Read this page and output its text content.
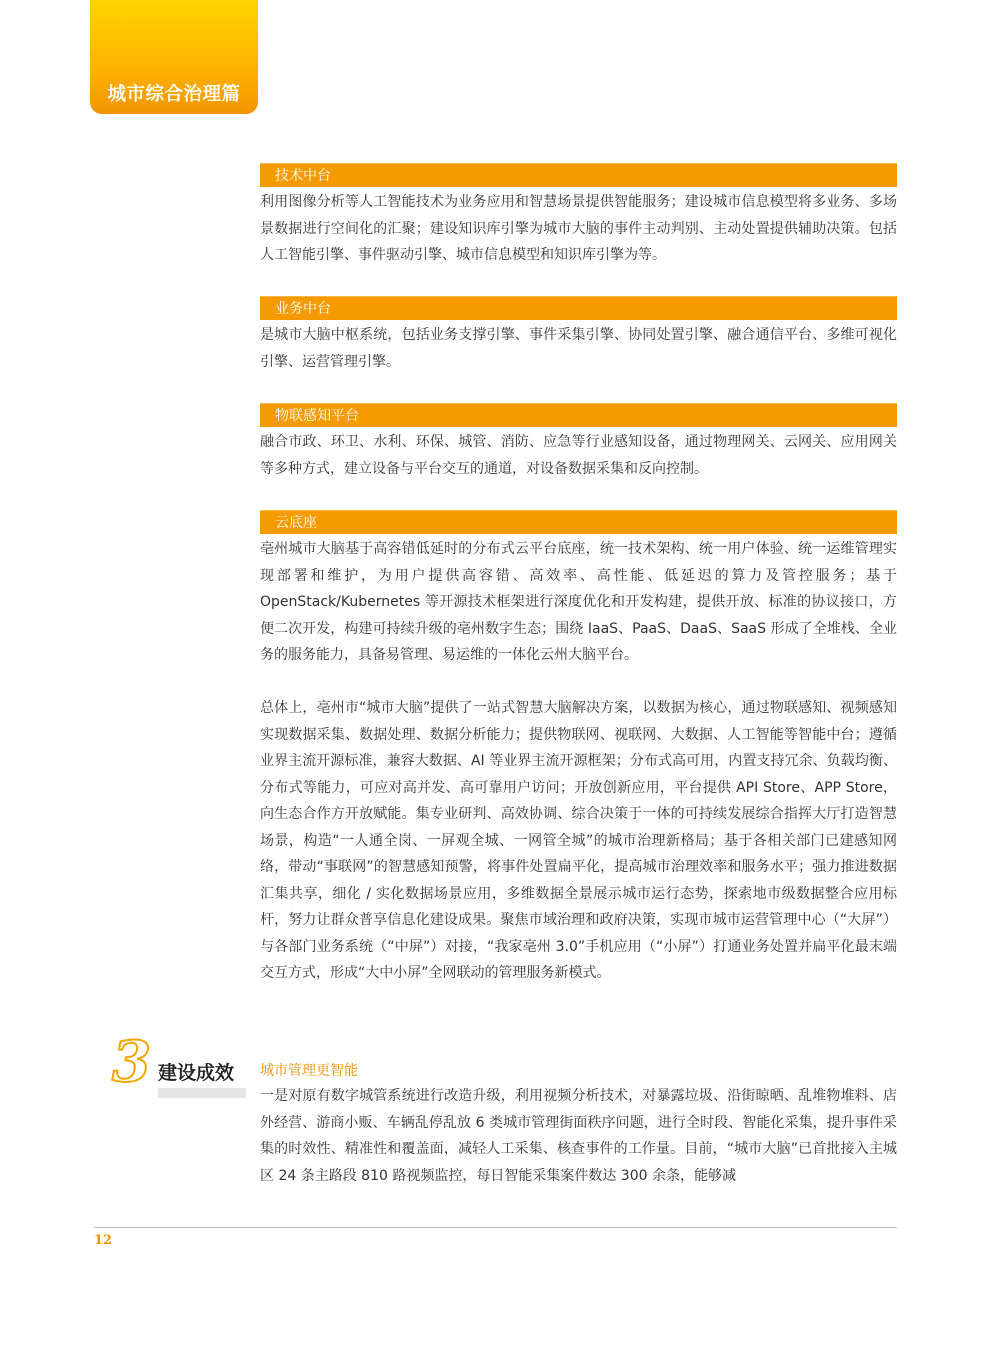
城市综合治理篇
技术中台
利用图像分析等人工智能技术为业务应用和智慧场景提供智能服务；建设城市信息模型将多业务、多场景数据进行空间化的汇聚；建设知识库引擎为城市大脑的事件主动判别、主动处置提供辅助决策。包括人工智能引擎、事件驱动引擎、城市信息模型和知识库引擎为等。
业务中台
是城市大脑中枢系统，包括业务支撑引擎、事件采集引擎、协同处置引擎、融合通信平台、多维可视化引擎、运营管理引擎。
物联感知平台
融合市政、环卫、水利、环保、城管、消防、应急等行业感知设备，通过物理网关、云网关、应用网关等多种方式，建立设备与平台交互的通道，对设备数据采集和反向控制。
云底座
亳州城市大脑基于高容错低延时的分布式云平台底座，统一技术架构、统一用户体验、统一运维管理实现部署和维护，为用户提供高容错、高效率、高性能、低延迟的算力及管控服务；基于OpenStack/Kubernetes 等开源技术框架进行深度优化和开发构建，提供开放、标准的协议接口，方便二次开发，构建可持续升级的亳州数字生态；围绕 IaaS、PaaS、DaaS、SaaS 形成了全堆栈、全业务的服务能力，具备易管理、易运维的一体化云州大脑平台。
总体上，亳州市“城市大脑”提供了一站式智慧大脑解决方案，以数据为核心，通过物联感知、视频感知实现数据采集、数据处理、数据分析能力；提供物联网、视联网、大数据、人工智能等智能中台；遵循业界主流开源标准，兼容大数据、AI 等业界主流开源框架；分布式高可用，内置支持冗余、负载均衡、分布式等能力，可应对高并发、高可靠用户访问；开放创新应用，平台提供 API Store、APP Store，向生态合作方开放赋能。集专业研判、高效协调、综合决策于一体的可持续发展综合指挥大厅打造智慧场景，构造“一人通全岗、一屏观全城、一网管全城”的城市治理新格局；基于各相关部门已建感知网络，带动“事联网”的智慧感知预警，将事件处置扁平化，提高城市治理效率和服务水平；强力推进数据汇集共享，细化 / 实化数据场景应用，多维数据全景展示城市运行态势，探索地市级数据整合应用标杆，努力让群众普享信息化建设成果。聚焦市域治理和政府决策，实现市城市运营管理中心（“大屏”）与各部门业务系统（“中屏”）对接，“我家亳州 3.0”手机应用（“小屏”）打通业务处置并扁平化最末端交互方式，形成“大中小屏”全网联动的管理服务新模式。
3 建设成效 城市管理更智能
一是对原有数字城管系统进行改造升级，利用视频分析技术，对暴露垃圾、沿街晾晒、乱堆物堆料、店外经营、游商小贩、车辆乱停乱放 6 类城市管理街面秩序问题，进行全时段、智能化采集，提升事件采集的时效性、精准性和覆盖面，减轻人工采集、核查事件的工作量。目前，“城市大脑”已首批接入主城区 24 条主路段 810 路视频监控，每日智能采集案件数达 300 余条，能够减
12
